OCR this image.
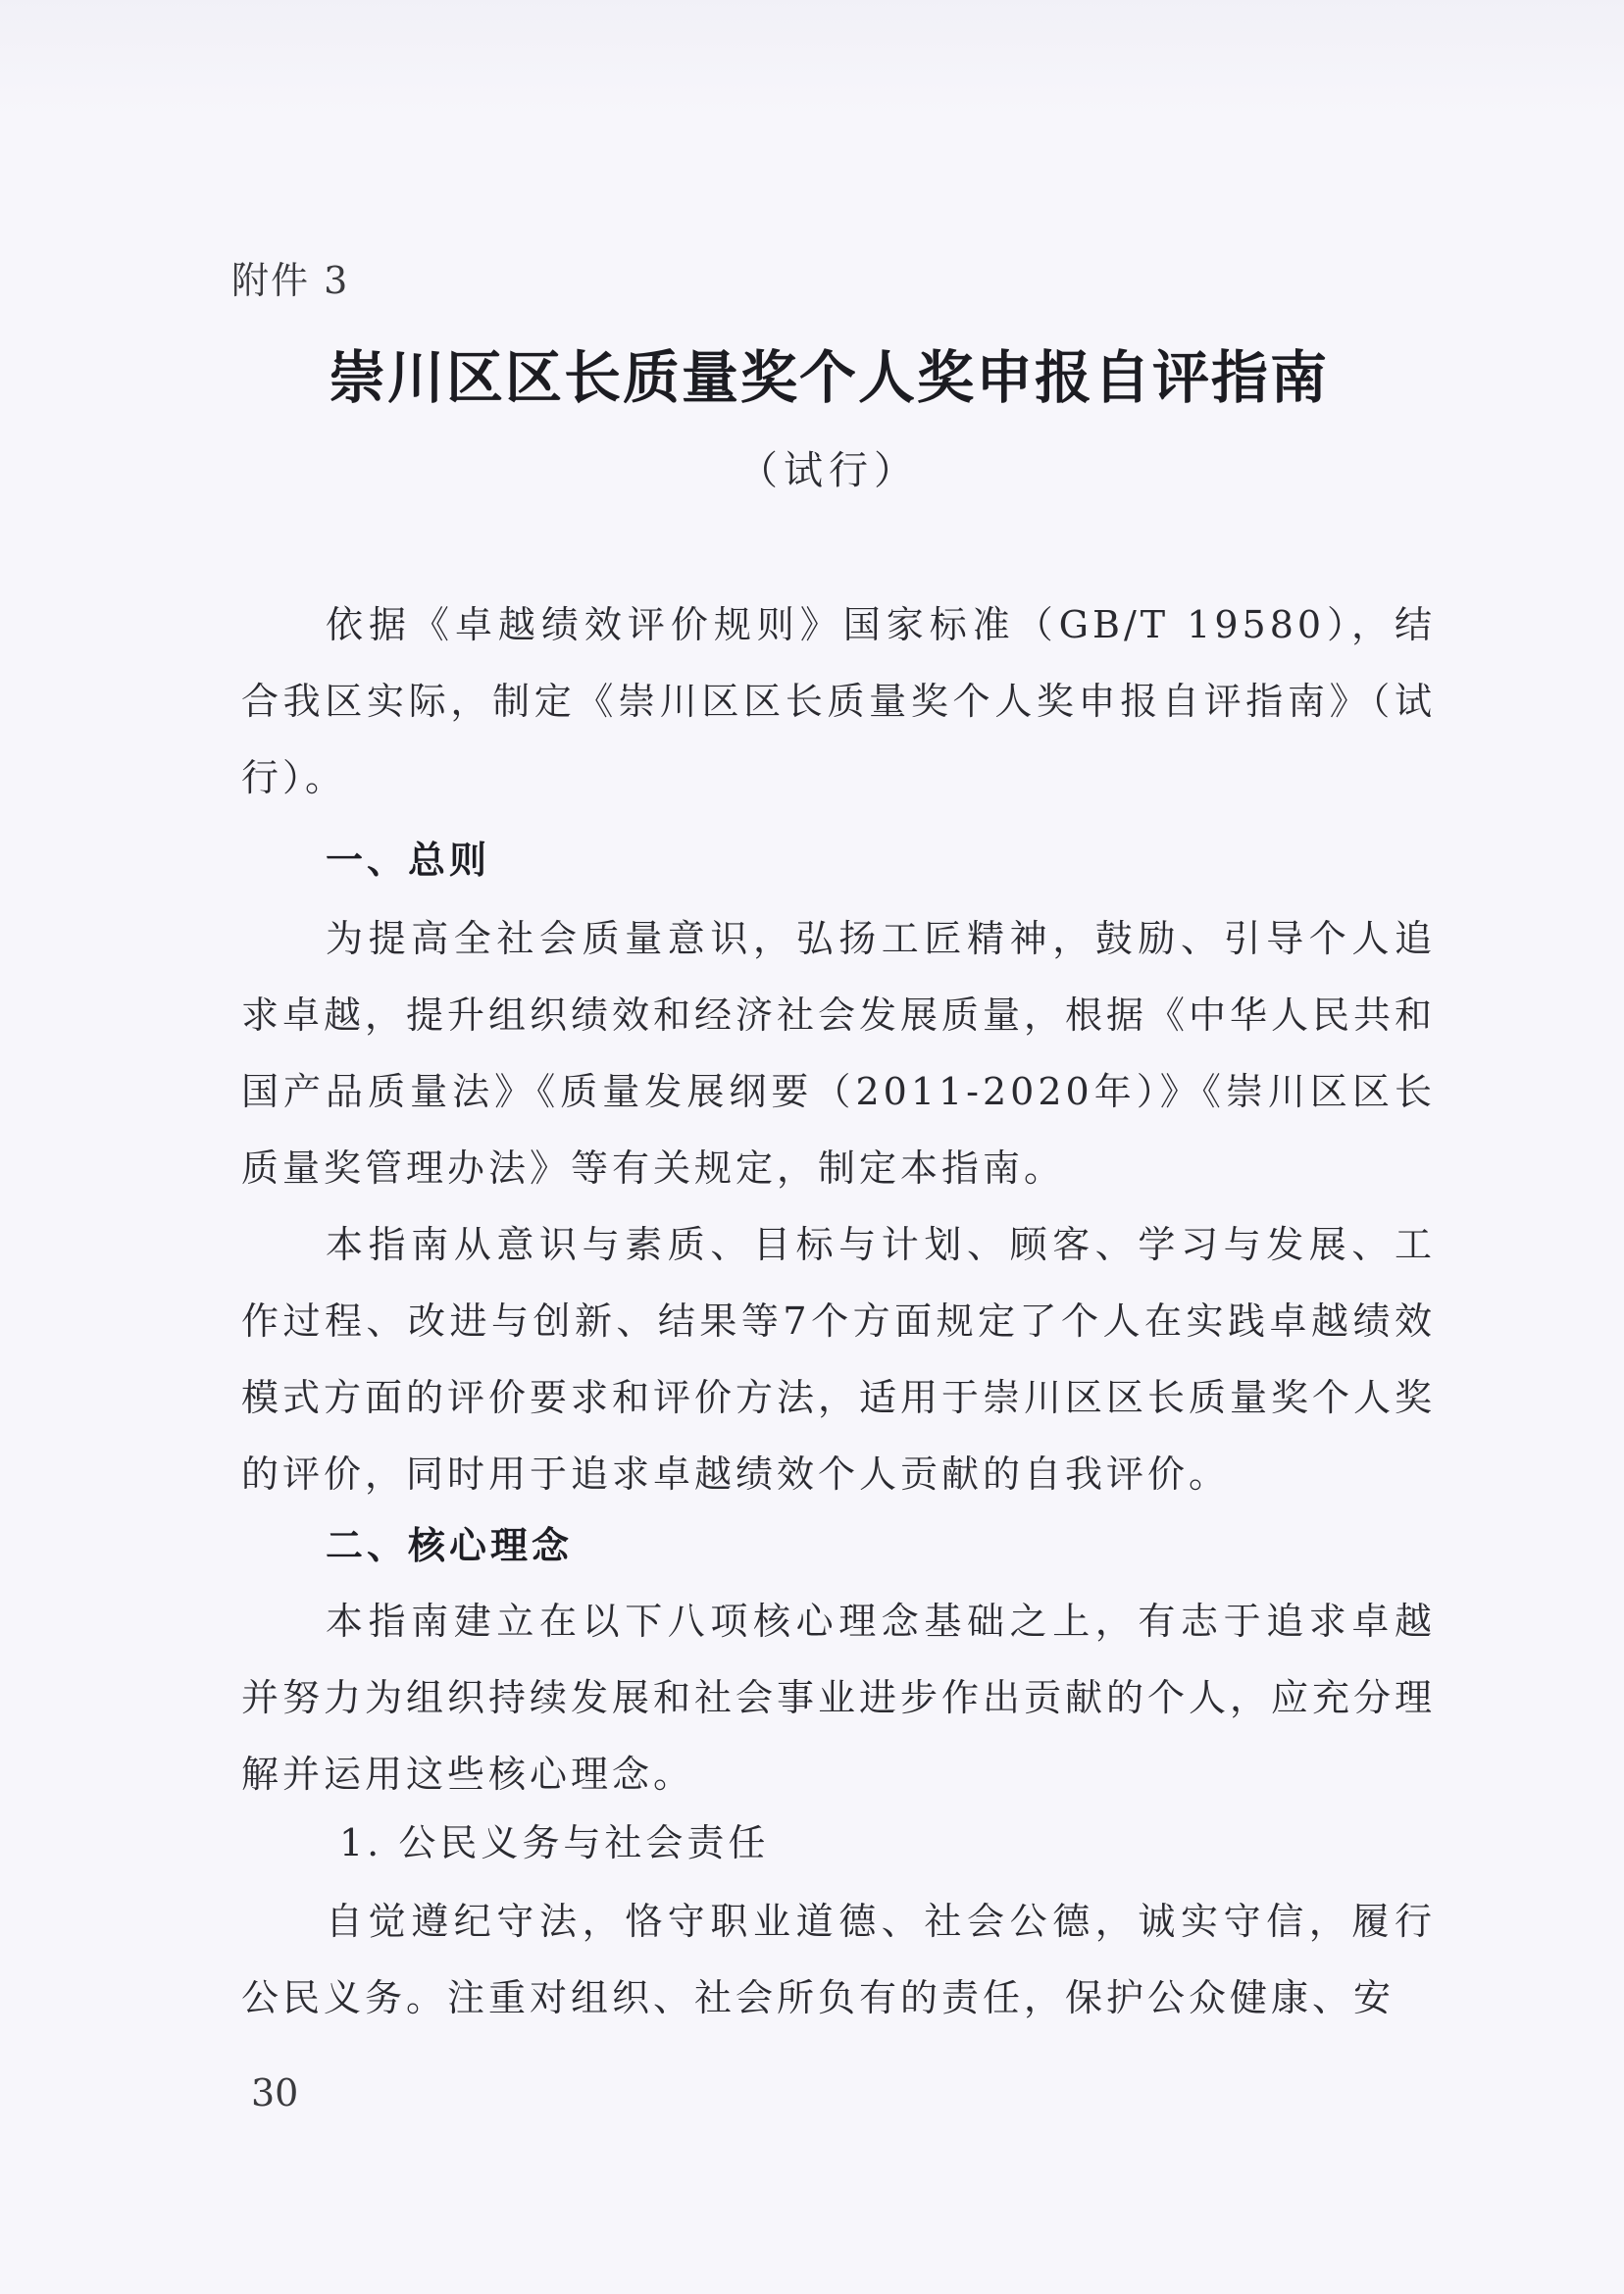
附件 3
崇川区区长质量奖个人奖申报自评指南
（试行）

依据《卓越绩效评价规则》国家标准（GB/T 19580），结合我区实际，制定《崇川区区长质量奖个人奖申报自评指南》（试行）。

一、总则

为提高全社会质量意识，弘扬工匠精神，鼓励、引导个人追求卓越，提升组织绩效和经济社会发展质量，根据《中华人民共和国产品质量法》《质量发展纲要（2011-2020年）》《崇川区区长质量奖管理办法》等有关规定，制定本指南。

本指南从意识与素质、目标与计划、顾客、学习与发展、工作过程、改进与创新、结果等7个方面规定了个人在实践卓越绩效模式方面的评价要求和评价方法，适用于崇川区区长质量奖个人奖的评价，同时用于追求卓越绩效个人贡献的自我评价。

二、核心理念

本指南建立在以下八项核心理念基础之上，有志于追求卓越并努力为组织持续发展和社会事业进步作出贡献的个人，应充分理解并运用这些核心理念。

1. 公民义务与社会责任

自觉遵纪守法，恪守职业道德、社会公德，诚实守信，履行公民义务。注重对组织、社会所负有的责任，保护公众健康、安

30
